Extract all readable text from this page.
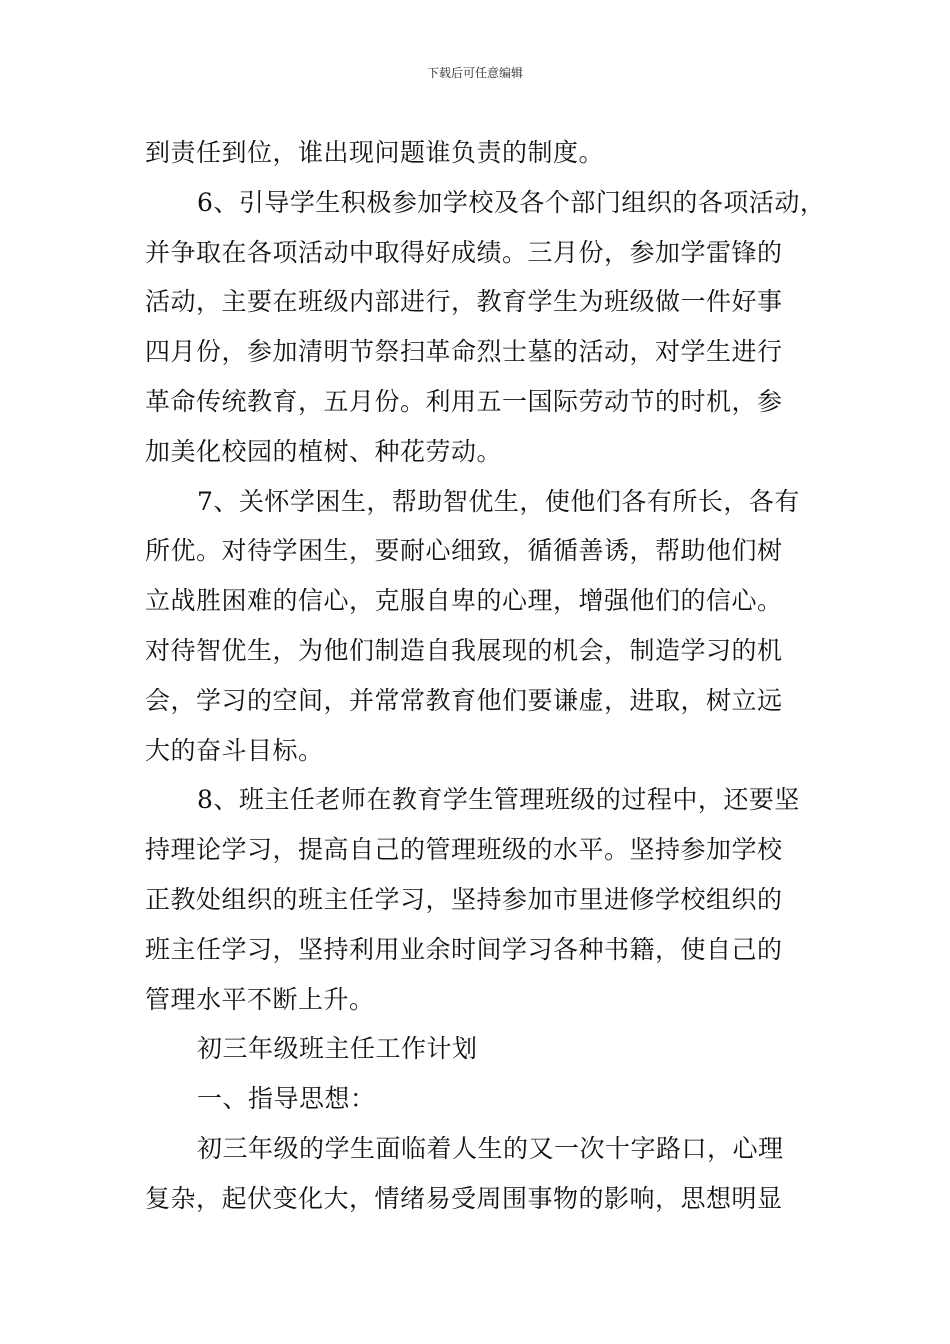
下载后可任意编辑
到责任到位，谁出现问题谁负责的制度。
6、引导学生积极参加学校及各个部门组织的各项活动，
并争取在各项活动中取得好成绩。三月份，参加学雷锋的
活动，主要在班级内部进行，教育学生为班级做一件好事
四月份，参加清明节祭扫革命烈士墓的活动，对学生进行
革命传统教育，五月份。利用五一国际劳动节的时机，参
加美化校园的植树、种花劳动。
7、关怀学困生，帮助智优生，使他们各有所长，各有
所优。对待学困生，要耐心细致，循循善诱，帮助他们树
立战胜困难的信心，克服自卑的心理，增强他们的信心。
对待智优生，为他们制造自我展现的机会，制造学习的机
会，学习的空间，并常常教育他们要谦虚，进取，树立远
大的奋斗目标。
8、班主任老师在教育学生管理班级的过程中，还要坚
持理论学习，提高自己的管理班级的水平。坚持参加学校
正教处组织的班主任学习，坚持参加市里进修学校组织的
班主任学习，坚持利用业余时间学习各种书籍，使自己的
管理水平不断上升。
初三年级班主任工作计划
一、指导思想：
初三年级的学生面临着人生的又一次十字路口，心理
复杂，起伏变化大，情绪易受周围事物的影响，思想明显
